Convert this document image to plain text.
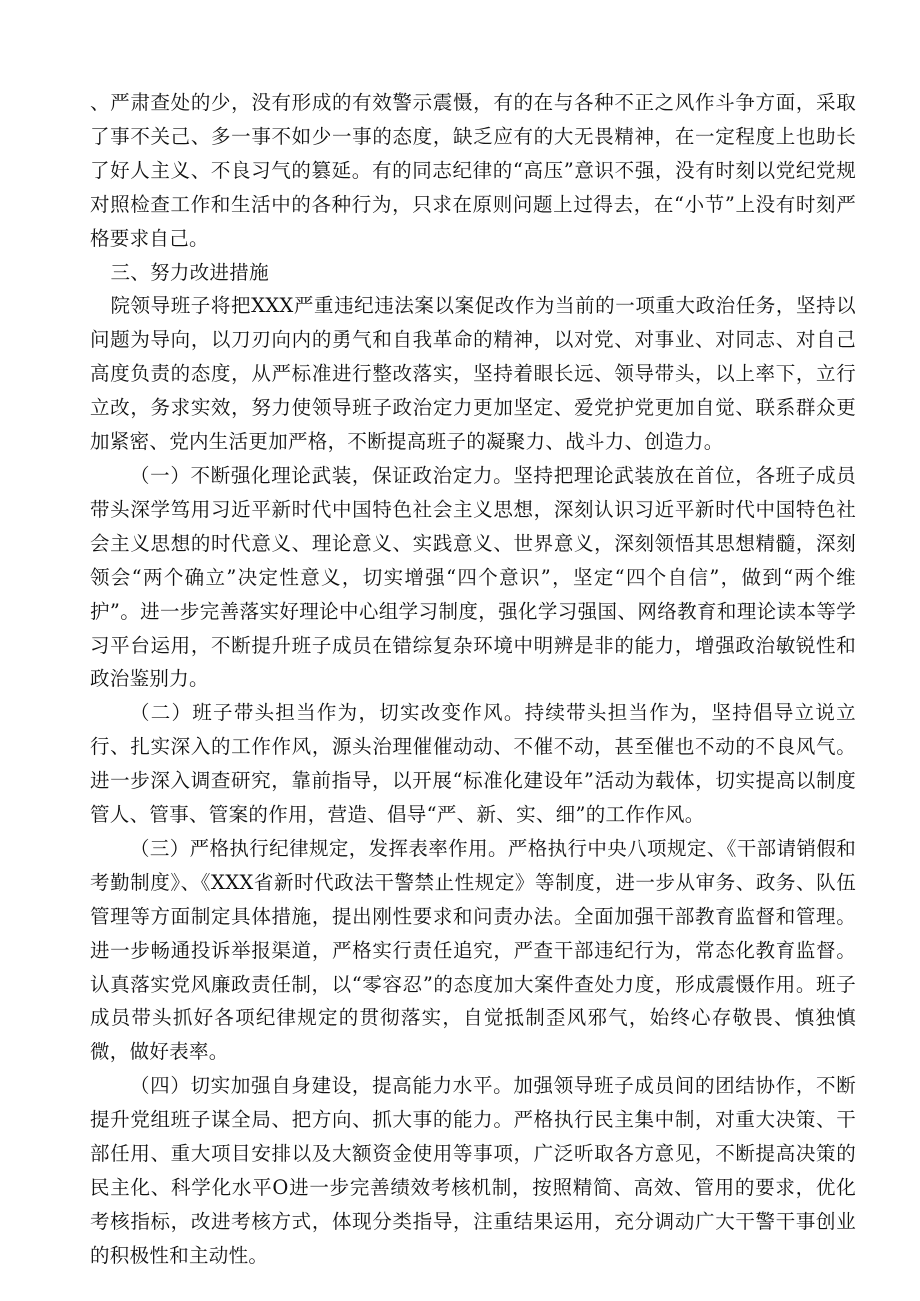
、严肃查处的少，没有形成的有效警示震慑，有的在与各种不正之风作斗争方面，采取了事不关己、多一事不如少一事的态度，缺乏应有的大无畏精神，在一定程度上也助长了好人主义、不良习气的篡延。有的同志纪律的“高压”意识不强，没有时刻以党纪党规对照检查工作和生活中的各种行为，只求在原则问题上过得去，在“小节”上没有时刻严格要求自己。

三、努力改进措施

院领导班子将把XXX严重违纪违法案以案促改作为当前的一项重大政治任务，坚持以问题为导向，以刀刃向内的勇气和自我革命的精神，以对党、对事业、对同志、对自己高度负责的态度，从严标准进行整改落实，坚持着眼长远、领导带头，以上率下，立行立改，务求实效，努力使领导班子政治定力更加坚定、爱党护党更加自觉、联系群众更加紧密、党内生活更加严格，不断提高班子的凝聚力、战斗力、创造力。

（一）不断强化理论武装，保证政治定力。坚持把理论武装放在首位，各班子成员带头深学笃用习近平新时代中国特色社会主义思想，深刻认识习近平新时代中国特色社会主义思想的时代意义、理论意义、实践意义、世界意义，深刻领悟其思想精髓，深刻领会“两个确立”决定性意义，切实增强“四个意识”，坚定“四个自信”，做到“两个维护”。进一步完善落实好理论中心组学习制度，强化学习强国、网络教育和理论读本等学习平台运用，不断提升班子成员在错综复杂环境中明辨是非的能力，增强政治敏锐性和政治鉴别力。

（二）班子带头担当作为，切实改变作风。持续带头担当作为，坚持倡导立说立行、扎实深入的工作作风，源头治理催催动动、不催不动，甚至催也不动的不良风气。进一步深入调查研究，靠前指导，以开展“标准化建设年”活动为载体，切实提高以制度管人、管事、管案的作用，营造、倡导“严、新、实、细”的工作作风。

（三）严格执行纪律规定，发挥表率作用。严格执行中央八项规定、《干部请销假和考勤制度》、《XXX省新时代政法干警禁止性规定》等制度，进一步从审务、政务、队伍管理等方面制定具体措施，提出刚性要求和问责办法。全面加强干部教育监督和管理。进一步畅通投诉举报渠道，严格实行责任追究，严查干部违纪行为，常态化教育监督。认真落实党风廉政责任制，以“零容忍”的态度加大案件查处力度，形成震慑作用。班子成员带头抓好各项纪律规定的贯彻落实，自觉抵制歪风邪气，始终心存敬畏、慎独慎微，做好表率。

（四）切实加强自身建设，提高能力水平。加强领导班子成员间的团结协作，不断提升党组班子谋全局、把方向、抓大事的能力。严格执行民主集中制，对重大决策、干部任用、重大项目安排以及大额资金使用等事项，广泛听取各方意见，不断提高决策的民主化、科学化水平O进一步完善绩效考核机制，按照精简、高效、管用的要求，优化考核指标，改进考核方式，体现分类指导，注重结果运用，充分调动广大干警干事创业的积极性和主动性。
